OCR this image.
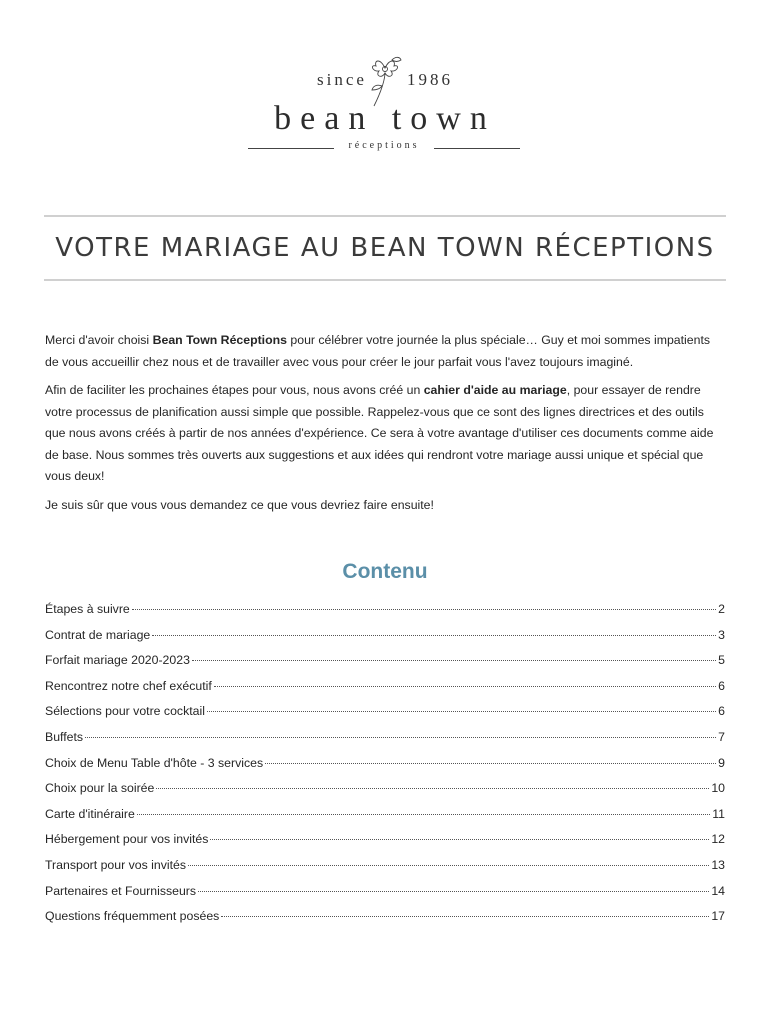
since 1986
bean town
réceptions
VOTRE MARIAGE AU BEAN TOWN RÉCEPTIONS

Merci d'avoir choisi Bean Town Réceptions pour célébrer votre journée la plus spéciale… Guy et moi sommes impatients de vous accueillir chez nous et de travailler avec vous pour créer le jour parfait vous l'avez toujours imaginé.

Afin de faciliter les prochaines étapes pour vous, nous avons créé un cahier d'aide au mariage, pour essayer de rendre votre processus de planification aussi simple que possible. Rappelez-vous que ce sont des lignes directrices et des outils que nous avons créés à partir de nos années d'expérience. Ce sera à votre avantage d'utiliser ces documents comme aide de base. Nous sommes très ouverts aux suggestions et aux idées qui rendront votre mariage aussi unique et spécial que vous deux!

Je suis sûr que vous vous demandez ce que vous devriez faire ensuite!

Contenu
Étapes à suivre	2
Contrat de mariage	3
Forfait mariage 2020-2023	5
Rencontrez notre chef exécutif	6
Sélections pour votre cocktail	6
Buffets	7
Choix de Menu Table d'hôte - 3 services	9
Choix pour la soirée	10
Carte d'itinéraire	11
Hébergement pour vos invités	12
Transport pour vos invités	13
Partenaires et Fournisseurs	14
Questions fréquemment posées	17
